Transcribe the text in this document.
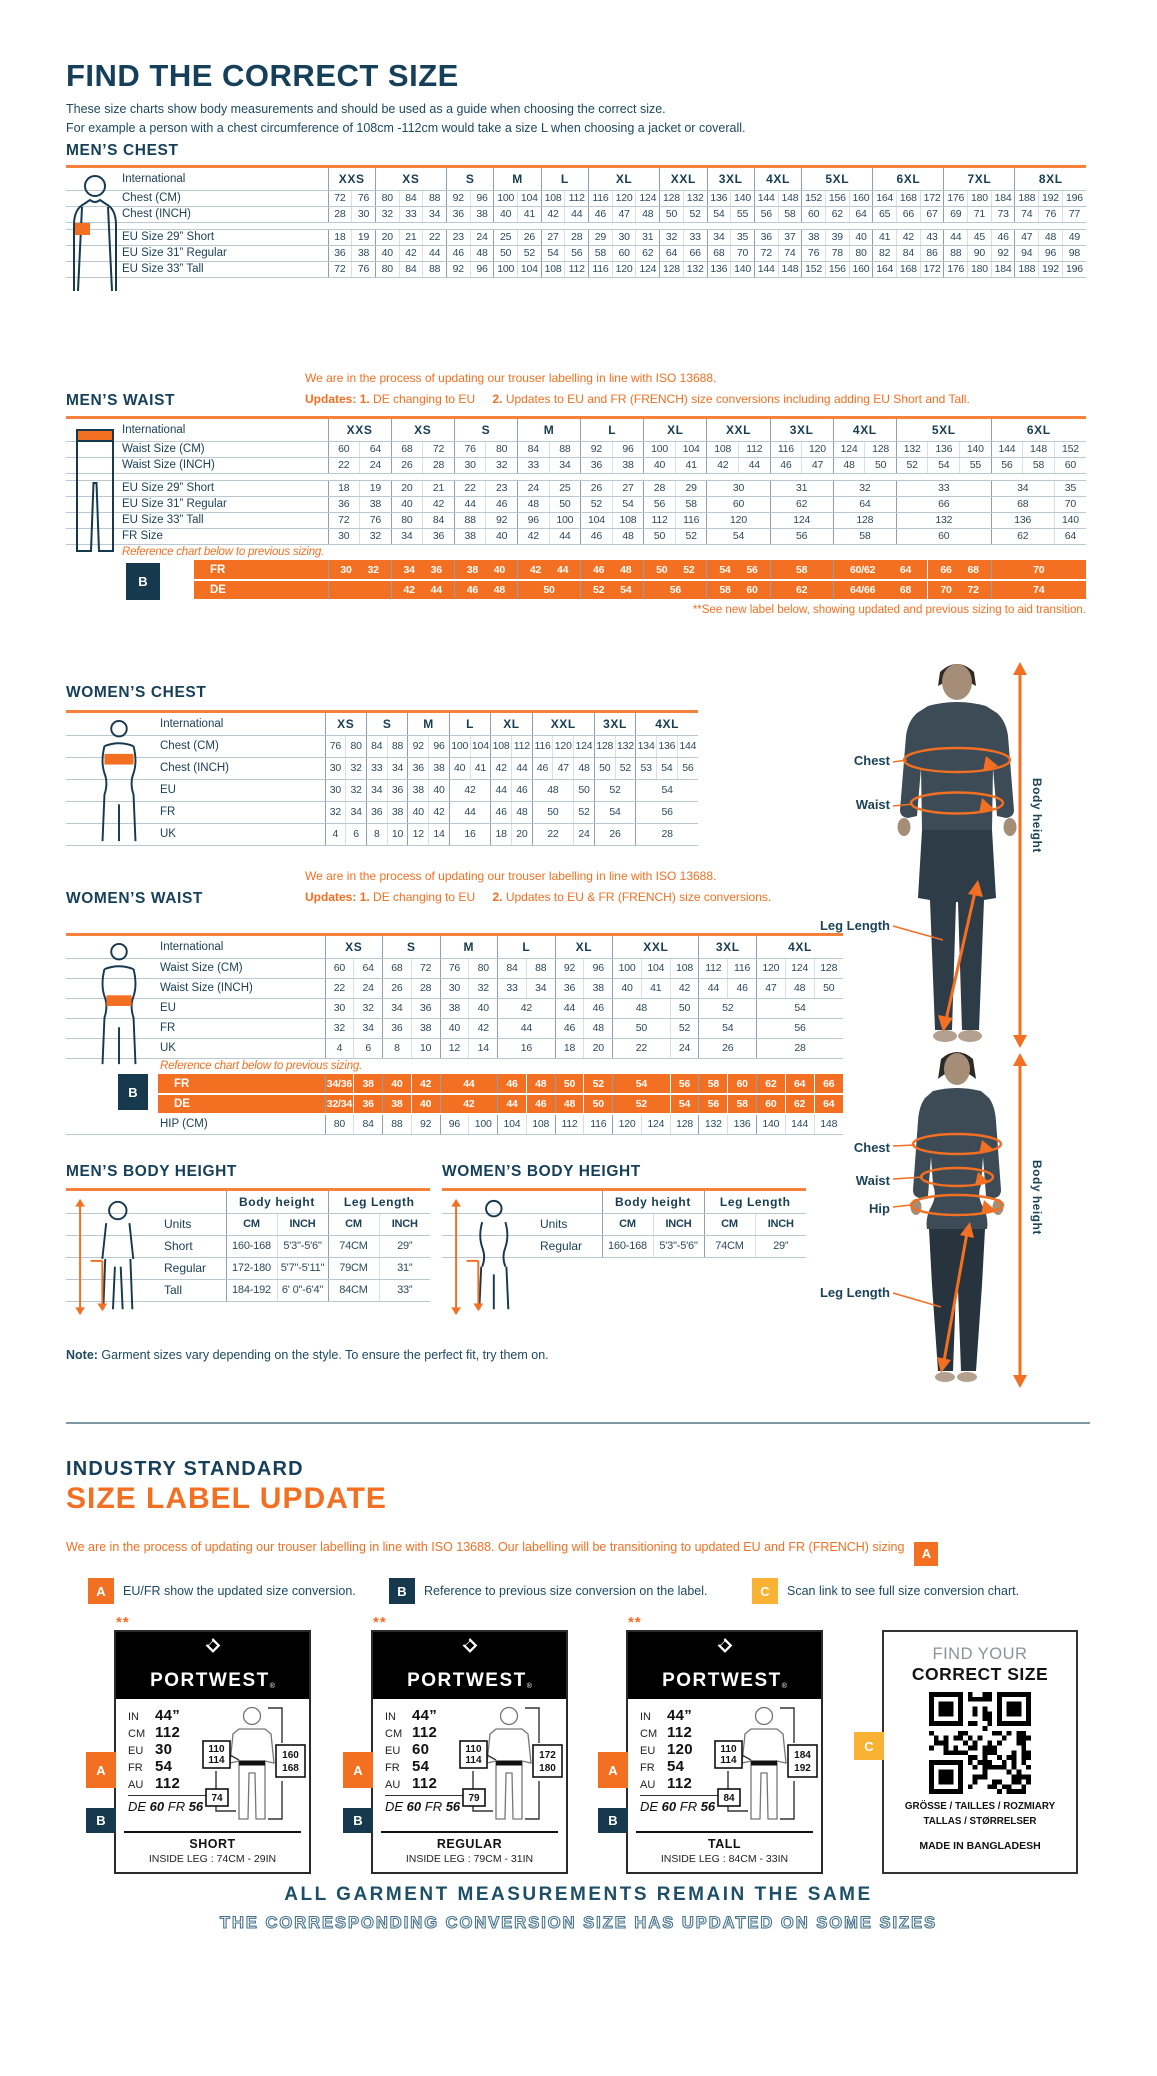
FIND THE CORRECT SIZE
These size charts show body measurements and should be used as a guide when choosing the correct size.
For example a person with a chest circumference of 108cm -112cm would take a size L when choosing a jacket or coverall.
MEN’S CHEST
International	XXS		XS			S		M		L		XL			XXL		3XL		4XL		5XL			6XL			7XL			8XL		
Chest (CM)	72	76	80	84	88	92	96	100	104	108	112	116	120	124	128	132	136	140	144	148	152	156	160	164	168	172	176	180	184	188	192	196
Chest (INCH)	28	30	32	33	34	36	38	40	41	42	44	46	47	48	50	52	54	55	56	58	60	62	64	65	66	67	69	71	73	74	76	77

EU Size 29” Short	18	19	20	21	22	23	24	25	26	27	28	29	30	31	32	33	34	35	36	37	38	39	40	41	42	43	44	45	46	47	48	49
EU Size 31” Regular	36	38	40	42	44	46	48	50	52	54	56	58	60	62	64	66	68	70	72	74	76	78	80	82	84	86	88	90	92	94	96	98
EU Size 33” Tall	72	76	80	84	88	92	96	100	104	108	112	116	120	124	128	132	136	140	144	148	152	156	160	164	168	172	176	180	184	188	192	196
We are in the process of updating our trouser labelling in line with ISO 13688.
Updates: 1. DE changing to EU 2. Updates to EU and FR (FRENCH) size conversions including adding EU Short and Tall.
MEN’S WAIST
B
International	XXS		XS		S		M		L		XL		XXL		3XL		4XL		5XL			6XL		
Waist Size (CM)	60	64	68	72	76	80	84	88	92	96	100	104	108	112	116	120	124	128	132	136	140	144	148	152
Waist Size (INCH)	22	24	26	28	30	32	33	34	36	38	40	41	42	44	46	47	48	50	52	54	55	56	58	60

EU Size 29” Short	18	19	20	21	22	23	24	25	26	27	28	29	30		31		32		33			34		35
EU Size 31” Regular	36	38	40	42	44	46	48	50	52	54	56	58	60		62		64		66			68		70
EU Size 33” Tall	72	76	80	84	88	92	96	100	104	108	112	116	120		124		128		132			136		140
FR Size	30	32	34	36	38	40	42	44	46	48	50	52	54		56		58		60			62		64
Reference chart below to previous sizing.																								
FR	30 32		34 36		38 40		42 44		46 48		50 52		54 56		58		60/62 64			66 68		70		
DE			42 44		46 48		50		52 54		56		58 60		62		64/66 68			70 72		74		
**See new label below, showing updated and previous sizing to aid transition.
WOMEN’S CHEST
International	XS		S		M		L		XL		XXL			3XL		4XL		
Chest (CM)	76	80	84	88	92	96	100	104	108	112	116	120	124	128	132	134	136	144
Chest (INCH)	30	32	33	34	36	38	40	41	42	44	46	47	48	50	52	53	54	56
EU	30	32	34	36	38	40	42		44	46	48		50	52		54		
FR	32	34	36	38	40	42	44		46	48	50		52	54		56		
UK	4	6	8	10	12	14	16		18	20	22		24	26		28		
We are in the process of updating our trouser labelling in line with ISO 13688.
Updates: 1. DE changing to EU 2. Updates to EU & FR (FRENCH) size conversions.
WOMEN’S WAIST
B
International	XS		S		M		L		XL		XXL			3XL		4XL		
Waist Size (CM)	60	64	68	72	76	80	84	88	92	96	100	104	108	112	116	120	124	128
Waist Size (INCH)	22	24	26	28	30	32	33	34	36	38	40	41	42	44	46	47	48	50
EU	30	32	34	36	38	40	42		44	46	48		50	52		54		
FR	32	34	36	38	40	42	44		46	48	50		52	54		56		
UK	4	6	8	10	12	14	16		18	20	22		24	26		28		
Reference chart below to previous sizing.																		
FR	34/36	38	40	42	44		46	48	50	52	54		56	58	60	62	64	66
DE	32/34	36	38	40	42		44	46	48	50	52		54	56	58	60	62	64
HIP (CM)	80	84	88	92	96	100	104	108	112	116	120	124	128	132	136	140	144	148
Chest
Waist
Leg Length
Body height
Chest
Waist
Hip
Leg Length
Body height
MEN’S BODY HEIGHT
	Body height		Leg Length	
Units	CM	INCH	CM	INCH
Short	160-168	5'3"-5'6"	74CM	29”
Regular	172-180	5'7"-5'11"	79CM	31”
Tall	184-192	6' 0"-6'4"	84CM	33”
WOMEN’S BODY HEIGHT
	Body height		Leg Length	
Units	CM	INCH	CM	INCH
Regular	160-168	5'3"-5'6"	74CM	29”
Note: Garment sizes vary depending on the style. To ensure the perfect fit, try them on.
INDUSTRY STANDARD
SIZE LABEL UPDATE
We are in the process of updating our trouser labelling in line with ISO 13688. Our labelling will be transitioning to updated EU and FR (FRENCH) sizing A
A	EU/FR show the updated size conversion.	B	Reference to previous size conversion on the label.	C	Scan link to see full size conversion chart.
**
A
B
PORTWEST ®
IN 44”
CM 112
EU 30
FR 54
AU 112
DE 60 FR 56
110
114	160
168
74
SHORT
INSIDE LEG : 74CM - 29IN
**
A
B
PORTWEST ®
IN 44”
CM 112
EU 60
FR 54
AU 112
DE 60 FR 56
110
114	172
180
79
REGULAR
INSIDE LEG : 79CM - 31IN
**
A
B
PORTWEST ®
IN 44”
CM 112
EU 120
FR 54
AU 112
DE 60 FR 56
110
114	184
192
84
TALL
INSIDE LEG : 84CM - 33IN
C
FIND YOUR
CORRECT SIZE
GRÖSSE / TAILLES / ROZMIARY
TALLAS / STØRRELSER
MADE IN BANGLADESH
ALL GARMENT MEASUREMENTS REMAIN THE SAME
THE CORRESPONDING CONVERSION SIZE HAS UPDATED ON SOME SIZES
